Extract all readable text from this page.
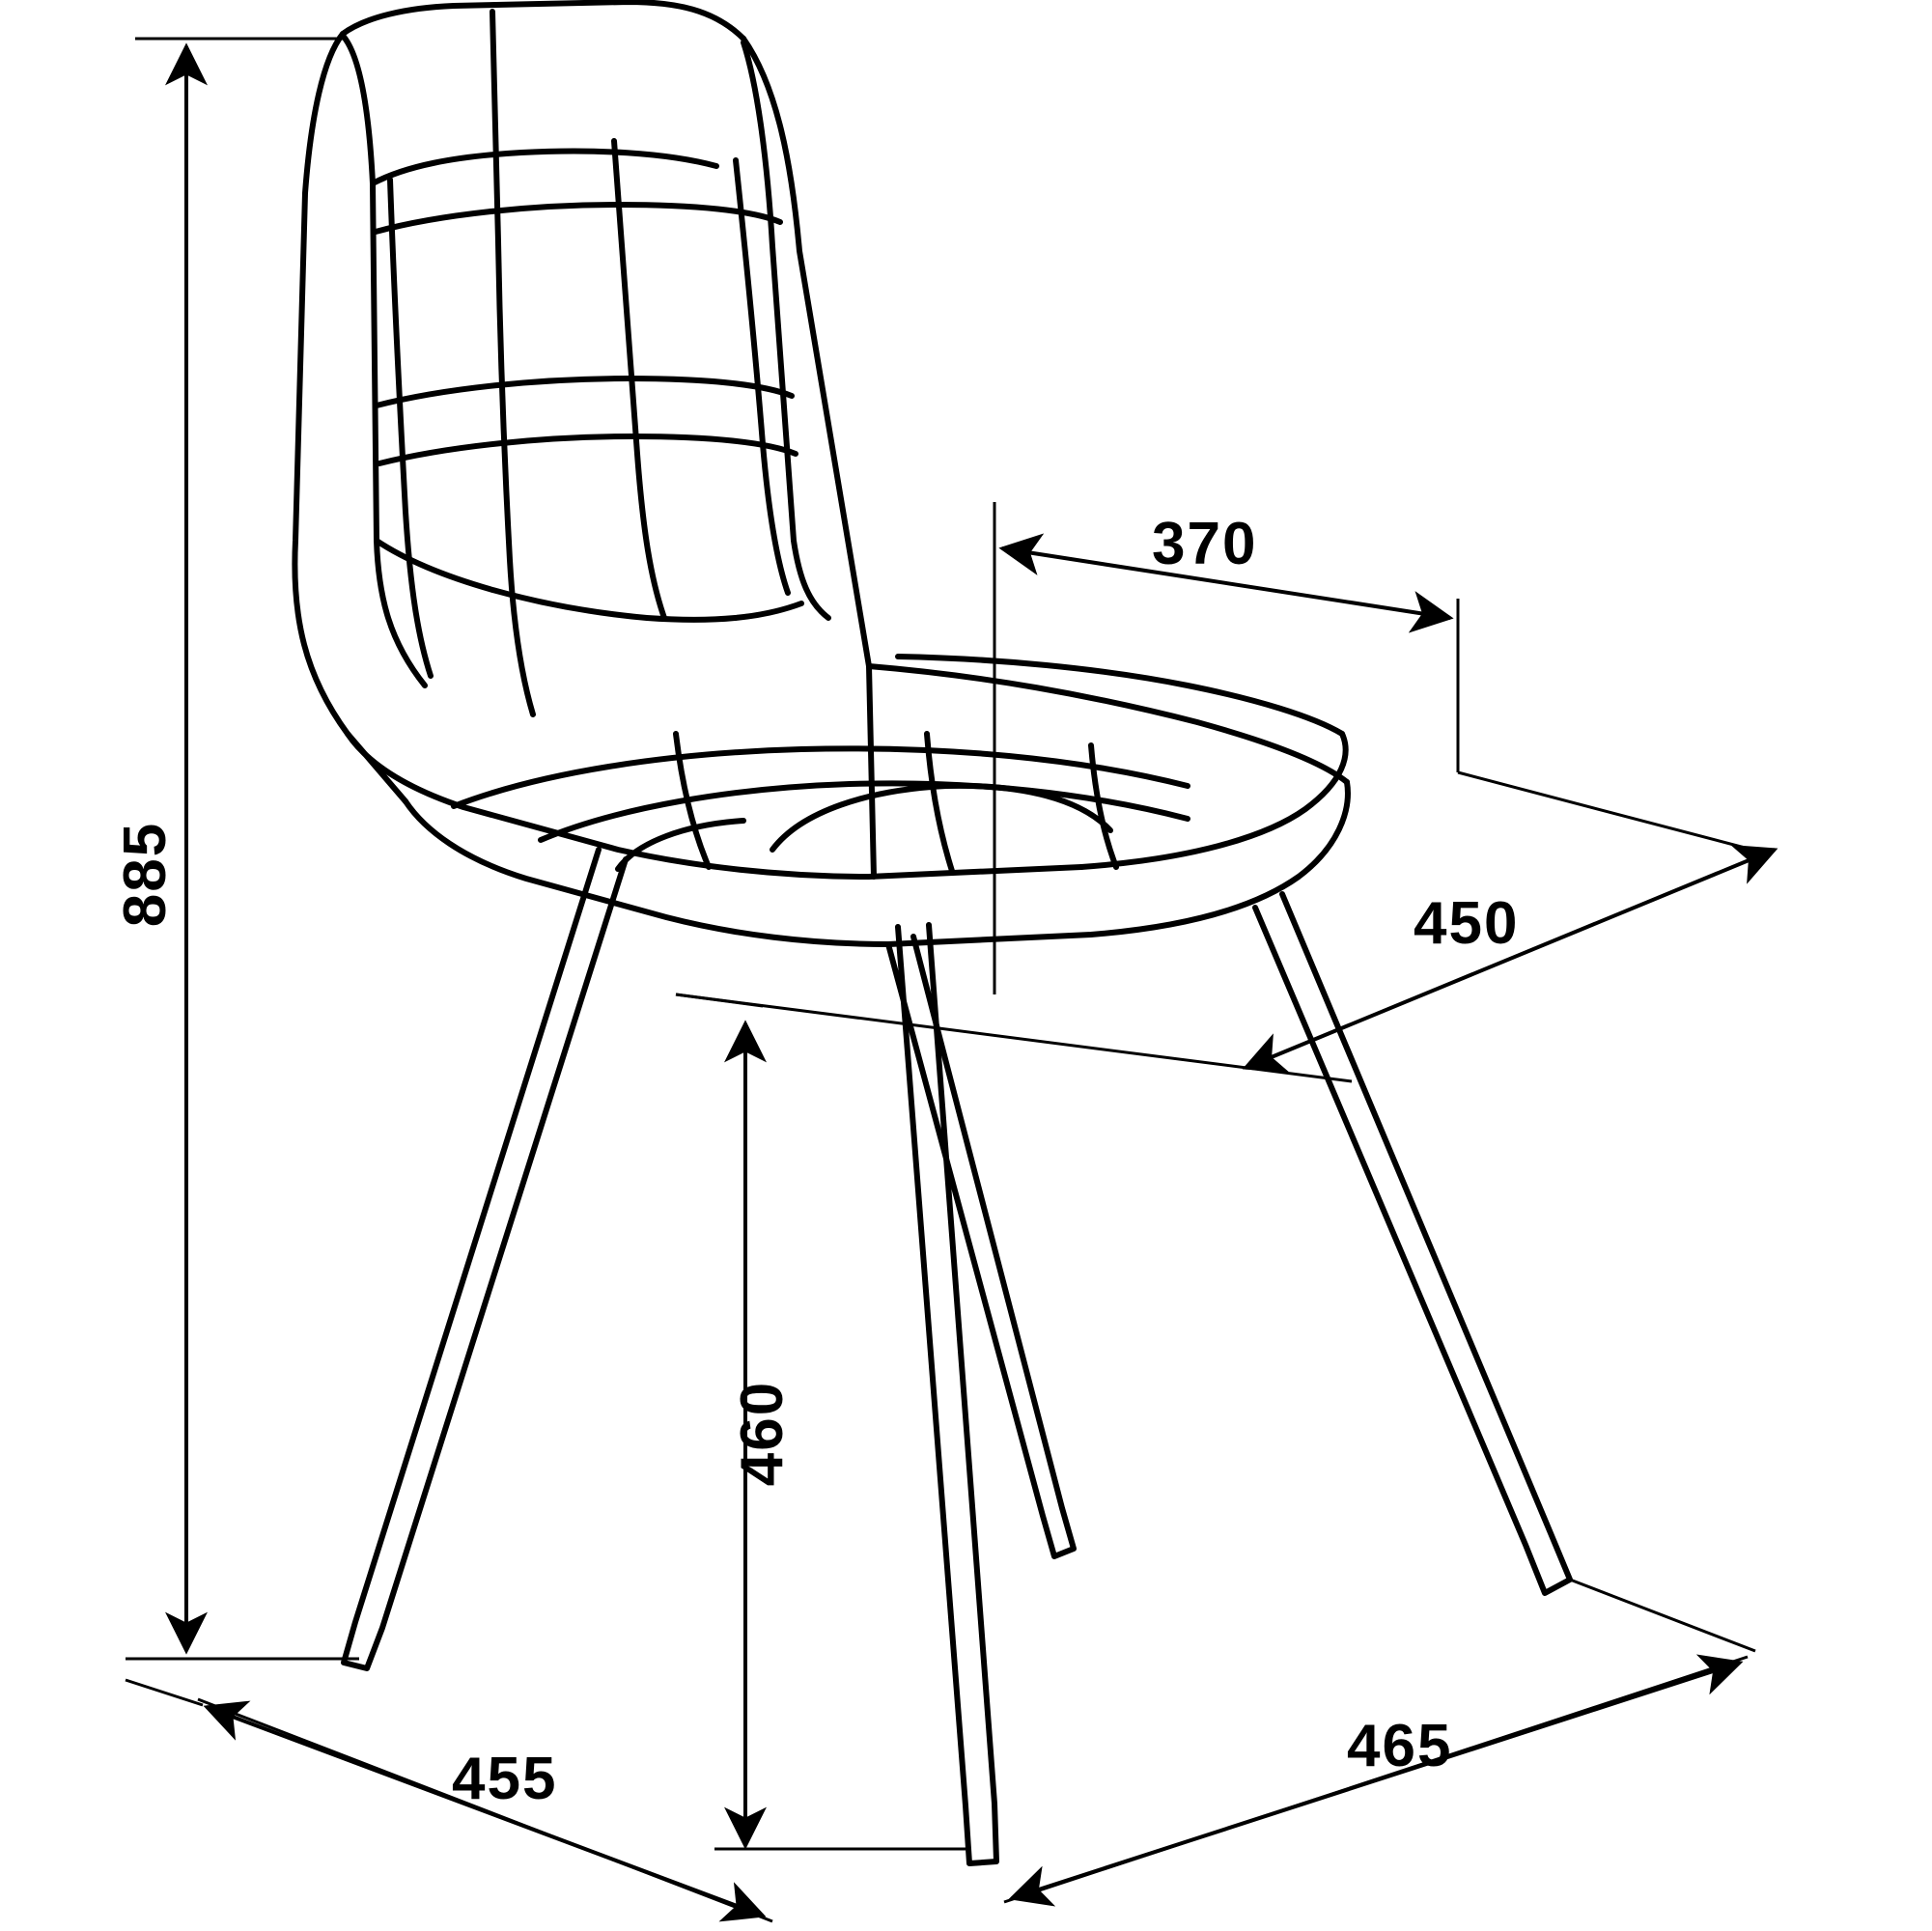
885
370
450
460
455	465
